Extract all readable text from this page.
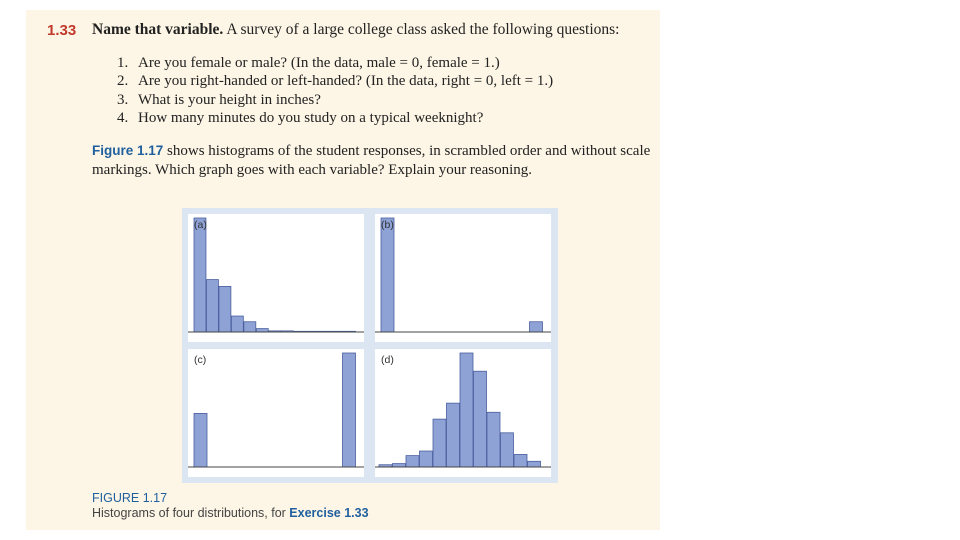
1.33 Name that variable. A survey of a large college class asked the following questions:
1. Are you female or male? (In the data, male = 0, female = 1.)
2. Are you right-handed or left-handed? (In the data, right = 0, left = 1.)
3. What is your height in inches?
4. How many minutes do you study on a typical weeknight?
Figure 1.17 shows histograms of the student responses, in scrambled order and without scale markings. Which graph goes with each variable? Explain your reasoning.
(a)	(b)
(c)	(d)
FIGURE 1.17
Histograms of four distributions, for Exercise 1.33
